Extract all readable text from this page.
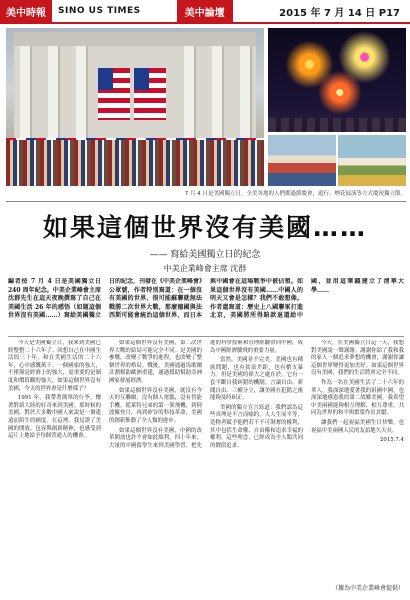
美中時報	SINO US TIMES	美中論壇	2015 年 7 月 14 日 P17
7 月 4 日是美國獨立日，全美各地的人們都過節慶會，遊行、煙花展演等方式慶祝獨立節。
如果這個世界沒有美國……
—— 寫給美國獨立日的紀念
中美企業峰會主席 沈群
編者按 7 月 4 日是美國獨立日 240 周年紀念。中美企業峰會主席沈群先生在這天夜晚撰寫了自己在美國生活 26 年的感悟（如題這個世界沒有美國……）寫給美國獨立日的紀念，刊發在《中美企業峰會》公眾號，作者特別寫道：在一個沒有美國的世界，很可能蘇聯就無法戰勝二次世界大戰，那麼德國與法西斯可能會統治這個世界，而日本與中國會在這場戰爭中被佔領。如果這個世界沒有美國……中國人的明天又會是怎樣？我們不敢想像。作者還寫道：歷史上八國聯軍打進北京，美國將所得賠款退還給中國，並用這筆錢建立了清華大學……

今天是美國獨立日，我來到美國已經整整二十六年了。回想自己在中國生活的三十年，和在美國生活的二十六年，心中感慨萬千。一個國家的強大，不僅僅是經濟上的強大，更重要的是制度和價值觀的強大。如果這個世界沒有美國，今天的世界會是什麼樣子？

1991 年，我帶著簡單的行李，懷著對新大陸的好奇來到美國。那時候的美國，對於大多數中國人來說是一個遙遠而陌生的國度。在這裡，我見證了美國的開放、包容與創新精神，也感受到這片土地給予每個普通人的機會。

如果這個世界沒有美國，第二次世界大戰的結局可能完全不同。是美國的參戰，改變了戰爭的進程，也改變了整個世界的格局。戰後，美國通過馬歇爾計劃幫助歐洲重建，通過援助幫助亞洲國家發展經濟。

如果這個世界沒有美國，就沒有今天的互聯網，沒有個人電腦，沒有智能手機。從萊特兄弟的第一架飛機，到阿波羅登月，再到矽谷的科技革命，美國的創新推動了全人類的進步。

如果這個世界沒有美國，中國的改革開放也許不會如此順利。四十年來，大量的中國留學生來到美國學習，把先進的科學技術和管理經驗帶回中國，成為中國經濟騰飛的重要力量。

當然，美國並不完美。美國也有種族問題，也有貧富差距，也有槍支暴力。但是美國的偉大之處在於，它有一套不斷自我糾錯的機制。言論自由、新聞自由、三權分立，讓美國在犯錯之後能夠及時糾正。

美國的獨立宣言寫道：我們認為這些真理是不言而喻的，人人生而平等，造物者賦予他們若干不可剝奪的權利，其中包括生命權、自由權和追求幸福的權利。這些理念，已經成為全人類共同的價值追求。

今天，在美國獨立日這一天，我想對美國說一聲謝謝。謝謝你給了我和我的家人一個追求夢想的機會，謝謝你讓這個世界變得更加美好。如果這個世界沒有美國，我們的生活將會完全不同。

作為一名在美國生活了二十六年的華人，我深深地愛著我的祖國中國，也深深地感恩我的第二故鄉美國。我希望中美兩國能夠相互理解、相互尊重，共同為世界的和平與繁榮作出貢獻。

讓我們一起祝福美國生日快樂，也祝福中美兩國人民的友誼地久天長。

2015.7.4

（據為中美企業峰會提供）
